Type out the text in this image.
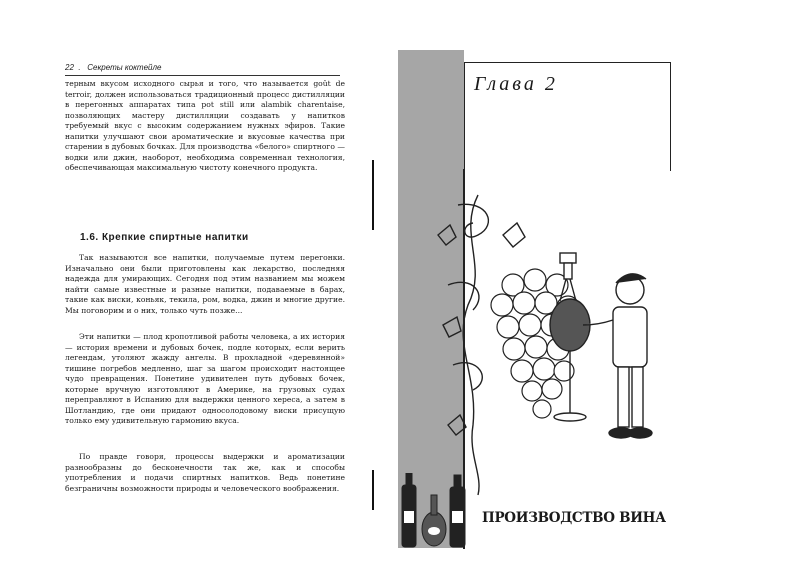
22  .   Секреты коктейле

терным вкусом исходного сырья и того, что называется goût de terroir, должен использоваться традиционный процесс дистилляции в перегонных аппаратах типа pot still или alambik charentaise, позволяющих мастеру дистилляции создавать у напитков требуемый вкус с высоким содержанием нужных эфиров. Такие напитки улучшают свои ароматические и вкусовые качества при старении в дубовых бочках. Для производства «белого» спиртного — водки или джин, наоборот, необходима современная технология, обеспечивающая максимальную чистоту конечного продукта.

1.6. Крепкие спиртные напитки

Так называются все напитки, получаемые путем перегонки. Изначально они были приготовлены как лекарство, последняя надежда для умирающих. Сегодня под этим названием мы можем найти самые известные и разные напитки, подаваемые в барах, такие как виски, коньяк, текила, ром, водка, джин и многие другие. Мы поговорим и о них, только чуть позже...

Эти напитки — плод кропотливой работы человека, а их история — история времени и дубовых бочек, подле которых, если верить легендам, утоляют жажду ангелы. В прохладной «деревянной» тишине погребов медленно, шаг за шагом происходит настоящее чудо превращения. Понетине удивителен путь дубовых бочек, которые вручную изготовляют в Америке, на грузовых судах переправляют в Испанию для выдержки ценного хереса, а затем в Шотландию, где они придают односолодовому виски присущую только ему удивительную гармонию вкуса.

По правде говоря, процессы выдержки и ароматизации разнообразны до бесконечности так же, как и способы употребления и подачи спиртных напитков. Ведь понетине безграничны возможности природы и человеческого воображения.

Глава 2
ПРОИЗВОДСТВО ВИНА
